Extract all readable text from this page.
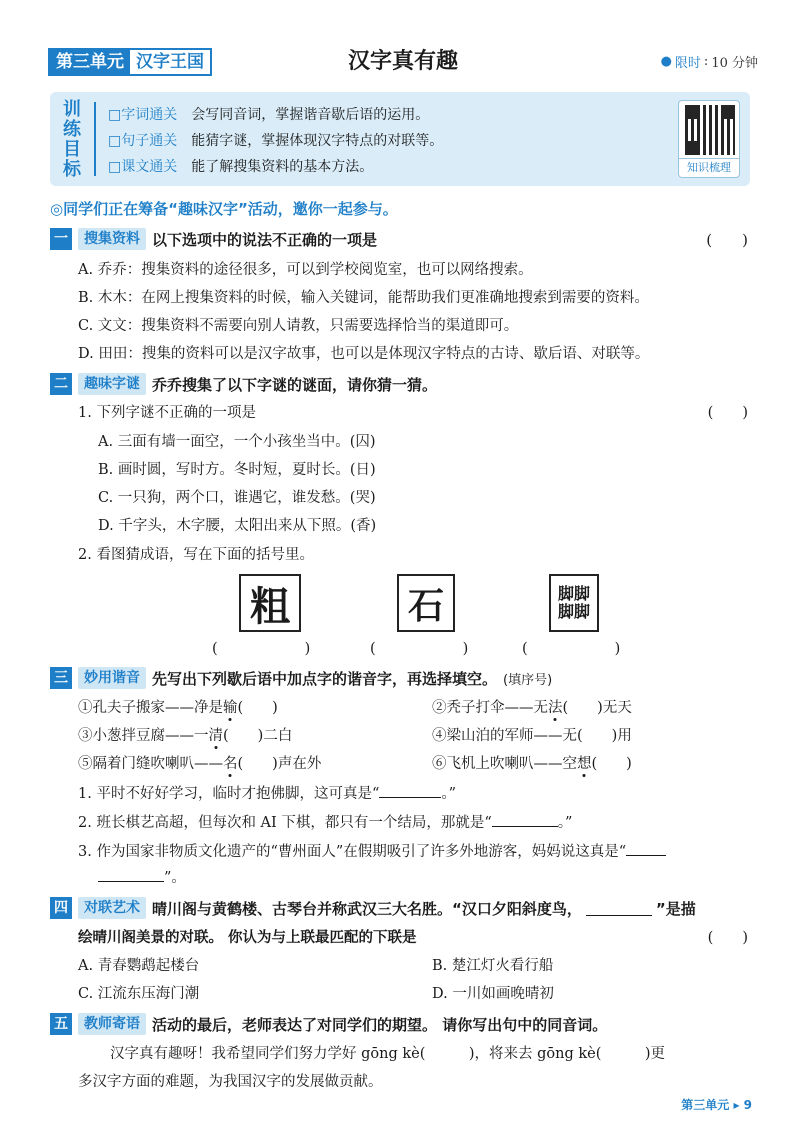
第三单元 汉字王国	汉字真有趣	● 限时 : 10 分钟
训练目标
□字词通关 会写同音词，掌握谐音歇后语的运用。
□句子通关 能猜字谜，掌握体现汉字特点的对联等。
□课文通关 能了解搜集资料的基本方法。	知识梳理
◎同学们正在筹备“趣味汉字”活动，邀你一起参与。
一	搜集资料 以下选项中的说法不正确的一项是	(　　)
A. 乔乔：搜集资料的途径很多，可以到学校阅览室，也可以网络搜索。
B. 木木：在网上搜集资料的时候，输入关键词，能帮助我们更准确地搜索到需要的资料。
C. 文文：搜集资料不需要向别人请教，只需要选择恰当的渠道即可。
D. 田田：搜集的资料可以是汉字故事，也可以是体现汉字特点的古诗、歇后语、对联等。
二	趣味字谜 乔乔搜集了以下字谜的谜面，请你猜一猜。
1. 下列字谜不正确的一项是	(　　)
A. 三面有墙一面空，一个小孩坐当中。(囚)
B. 画时圆，写时方。冬时短，夏时长。(日)
C. 一只狗，两个口，谁遇它，谁发愁。(哭)
D. 千字头，木字腰，太阳出来从下照。(香)
2. 看图猜成语，写在下面的括号里。
粗	石	脚脚脚脚
(　　　　　　)	(　　　　　　)	(　　　　　　)
三	妙用谐音 先写出下列歇后语中加点字的谐音字，再选择填空。 (填序号)
①孔夫子搬家——净是输(　　)	②秃子打伞——无法(　　)无天
③小葱拌豆腐——一清(　　)二白	④梁山泊的军师——无(　　)用
⑤隔着门缝吹喇叭——名(　　)声在外	⑥飞机上吹喇叭——空想(　　)
1. 平时不好好学习，临时才抱佛脚，这可真是“	。”
2. 班长棋艺高超，但每次和 AI 下棋，都只有一个结局，那就是“	。”
3. 作为国家非物质文化遗产的“曹州面人”在假期吸引了许多外地游客，妈妈说这真是“
”。
四	对联艺术 晴川阁与黄鹤楼、古琴台并称武汉三大名胜。“汉口夕阳斜度鸟，	”是描
绘晴川阁美景的对联。 你认为与上联最匹配的下联是	(　　)
A. 青春鹦鹉起楼台	B. 楚江灯火看行船
C. 江流东压海门潮	D. 一川如画晚晴初
五	教师寄语 活动的最后，老师表达了对同学们的期望。 请你写出句中的同音词。
汉字真有趣呀！我希望同学们努力学好 gōng kè(　　　)，将来去 gōng kè(　　　)更
多汉字方面的难题，为我国汉字的发展做贡献。
第三单元 ▸ 9
